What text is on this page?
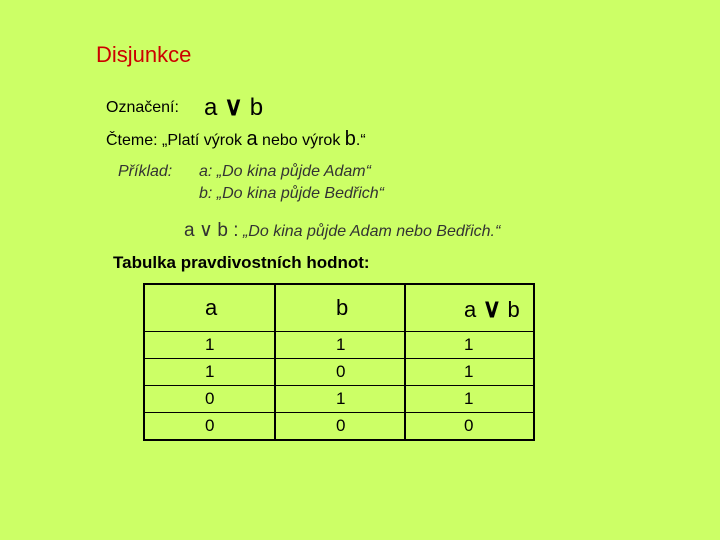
Disjunkce
Označení: a ∨ b
Čteme: „Platí výrok a nebo výrok b.“
Příklad: a: „Do kina půjde Adam“
b: „Do kina půjde Bedřich“
a ∨ b : „Do kina půjde Adam nebo Bedřich.“
Tabulka pravdivostních hodnot:
a	b	a ∨ b
1	1	1
1	0	1
0	1	1
0	0	0
